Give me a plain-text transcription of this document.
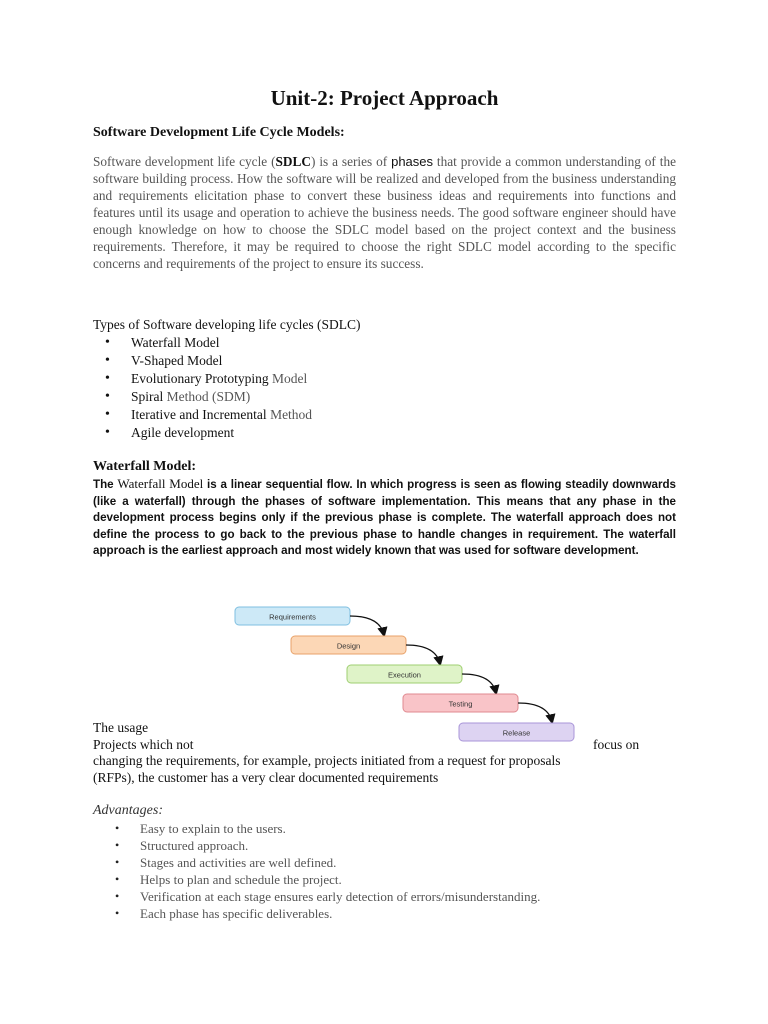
Unit-2: Project Approach
Software Development Life Cycle Models:

Software development life cycle (SDLC) is a series of phases that provide a common understanding of the software building process. How the software will be realized and developed from the business understanding and requirements elicitation phase to convert these business ideas and requirements into functions and features until its usage and operation to achieve the business needs. The good software engineer should have enough knowledge on how to choose the SDLC model based on the project context and the business requirements. Therefore, it may be required to choose the right SDLC model according to the specific concerns and requirements of the project to ensure its success.

Types of Software developing life cycles (SDLC)
• Waterfall Model
• V-Shaped Model
• Evolutionary Prototyping Model
• Spiral Method (SDM)
• Iterative and Incremental Method
• Agile development
Waterfall Model:

The Waterfall Model is a linear sequential flow. In which progress is seen as flowing steadily downwards (like a waterfall) through the phases of software implementation. This means that any phase in the development process begins only if the previous phase is complete. The waterfall approach does not define the process to go back to the previous phase to handle changes in requirement. The waterfall approach is the earliest approach and most widely known that was used for software development.

The usage
Projects which not	focus on
changing the requirements, for example, projects initiated from a request for proposals
(RFPs), the customer has a very clear documented requirements
Advantages:
• Easy to explain to the users.
• Structured approach.
• Stages and activities are well defined.
• Helps to plan and schedule the project.
• Verification at each stage ensures early detection of errors/misunderstanding.
• Each phase has specific deliverables.
Requirements
Design
Execution
Testing
Release
